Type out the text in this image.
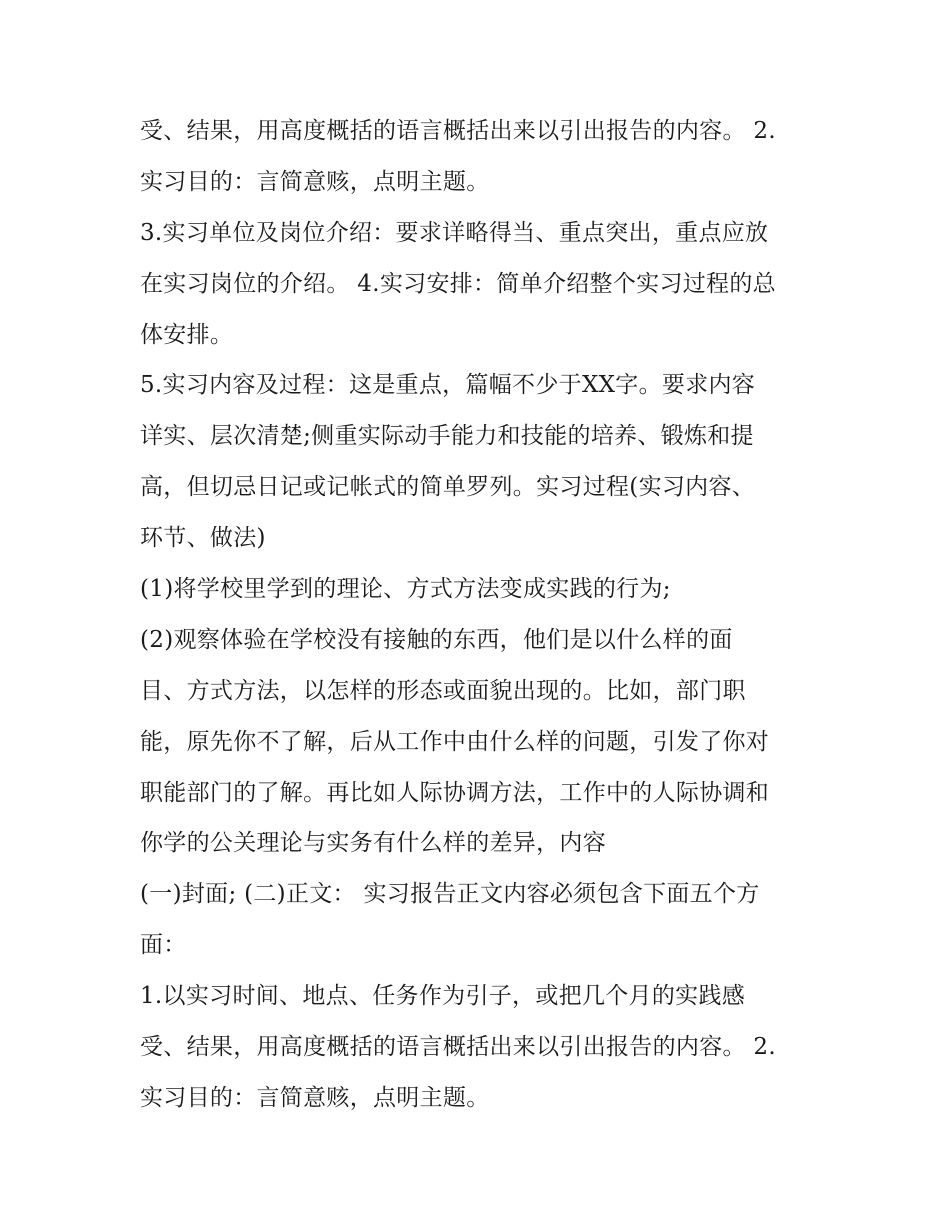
受、结果，用高度概括的语言概括出来以引出报告的内容。 2.
实习目的：言简意赅，点明主题。
3.实习单位及岗位介绍：要求详略得当、重点突出，重点应放
在实习岗位的介绍。 4.实习安排：简单介绍整个实习过程的总
体安排。
5.实习内容及过程：这是重点，篇幅不少于XX字。要求内容
详实、层次清楚;侧重实际动手能力和技能的培养、锻炼和提
高，但切忌日记或记帐式的简单罗列。实习过程(实习内容、
环节、做法)
(1)将学校里学到的理论、方式方法变成实践的行为;
(2)观察体验在学校没有接触的东西，他们是以什么样的面
目、方式方法，以怎样的形态或面貌出现的。比如，部门职
能，原先你不了解，后从工作中由什么样的问题，引发了你对
职能部门的了解。再比如人际协调方法，工作中的人际协调和
你学的公关理论与实务有什么样的差异，内容
(一)封面; (二)正文： 实习报告正文内容必须包含下面五个方
面：
1.以实习时间、地点、任务作为引子，或把几个月的实践感
受、结果，用高度概括的语言概括出来以引出报告的内容。 2.
实习目的：言简意赅，点明主题。
